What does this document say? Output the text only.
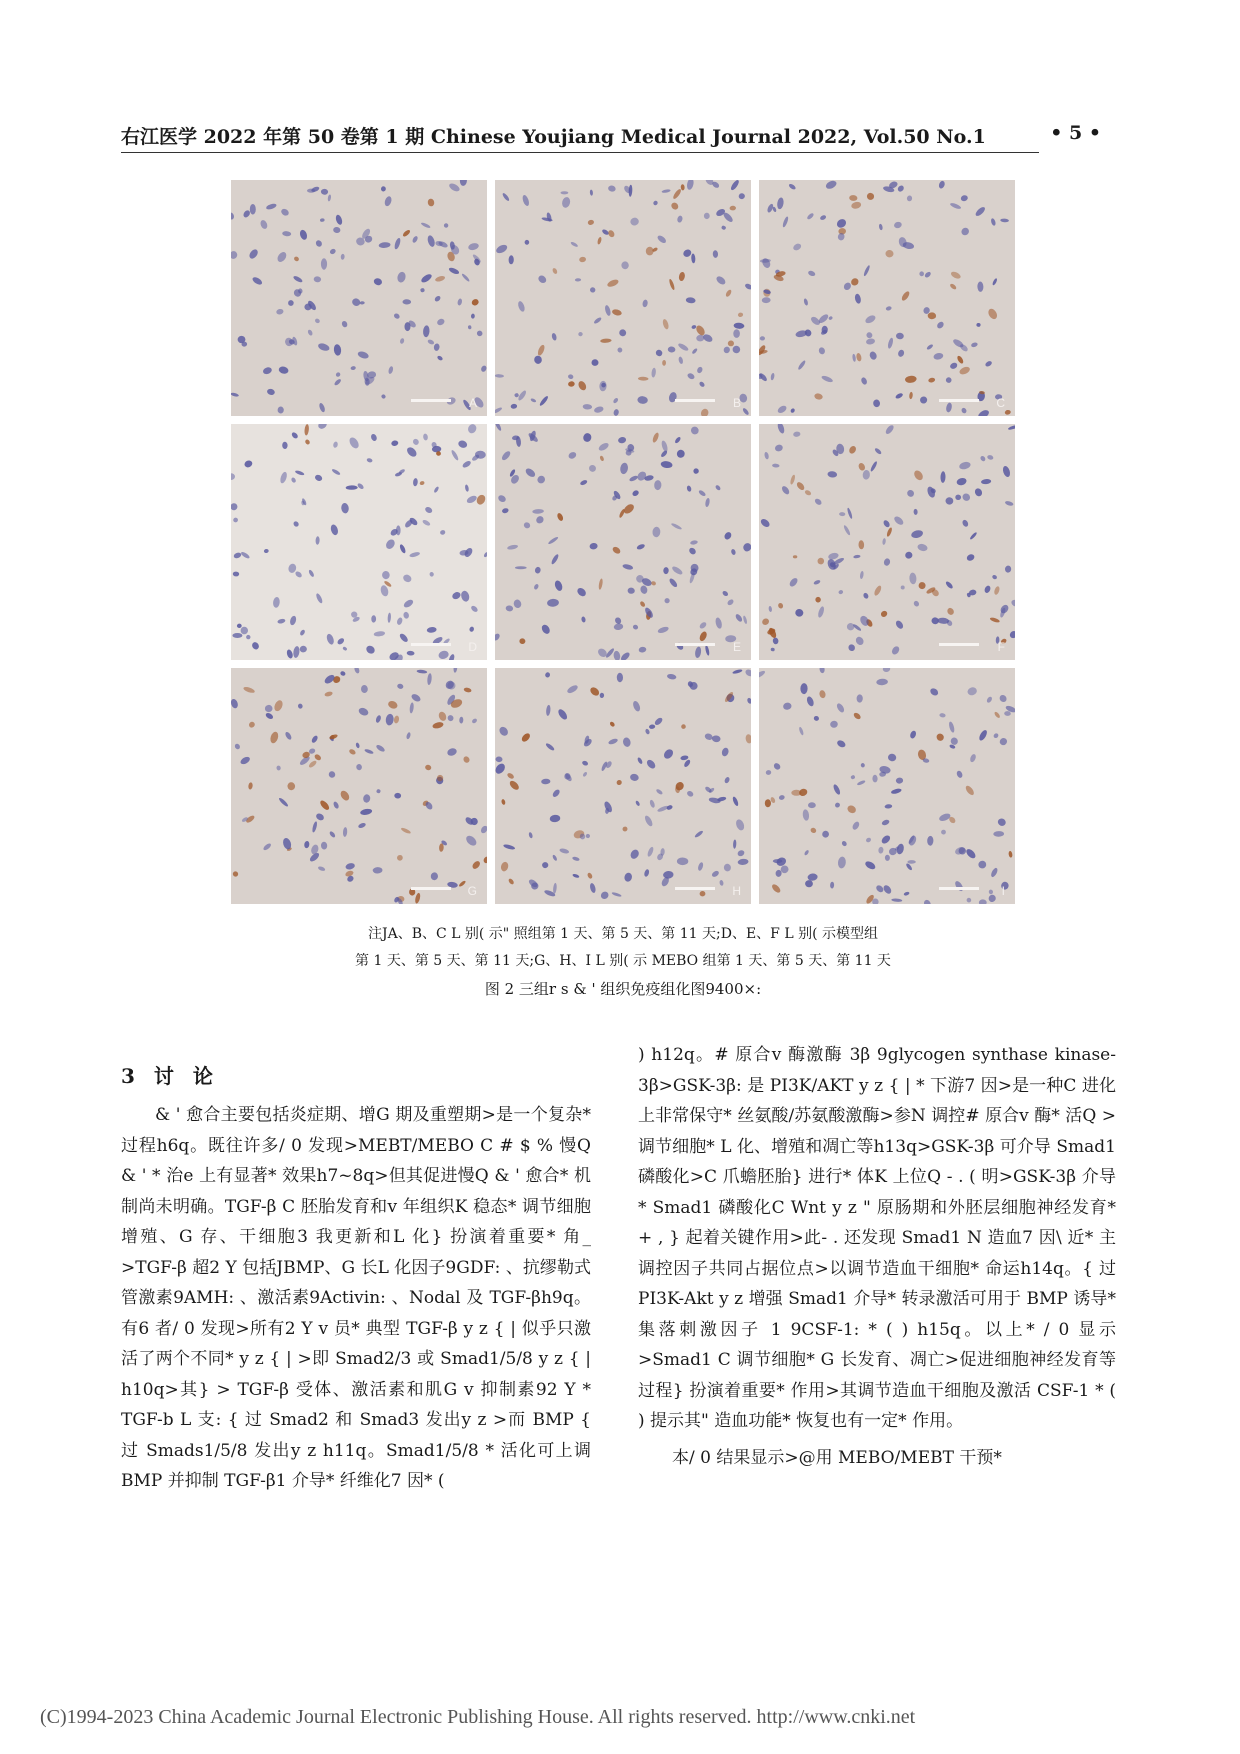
右江医学 2022 年第 50 卷第 1 期 Chinese Youjiang Medical Journal 2022, Vol.50 No.1	• 5 •
A	B	C
D	E	F
G	H	I
注JA、B、C L 别( 示" 照组第 1 天、第 5 天、第 11 天;D、E、F L 别( 示模型组
第 1 天、第 5 天、第 11 天;G、H、I L 别( 示 MEBO 组第 1 天、第 5 天、第 11 天
图 2 三组r s & ' 组织免疫组化图9400×:
3 讨 论

& ' 愈合主要包括炎症期、增G 期及重塑期>是一个复杂* 过程h6q。既往许多/ 0 发现>MEBT/MEBO C # $ % 慢Q & ' * 治e 上有显著* 效果h7~8q>但其促进慢Q & ' 愈合* 机制尚未明确。TGF-β C 胚胎发育和v 年组织K 稳态* 调节细胞增殖、G 存、干细胞3 我更新和L 化} 扮演着重要* 角_ >TGF-β 超2 Y 包括JBMP、G 长L 化因子9GDF: 、抗缪勒式管激素9AMH: 、激活素9Activin: 、Nodal 及 TGF-βh9q。有6 者/ 0 发现>所有2 Y v 员* 典型 TGF-β y z { | 似乎只激活了两个不同* y z { | >即 Smad2/3 或 Smad1/5/8 y z { | h10q>其} > TGF-β 受体、激活素和肌G v 抑制素92 Y * TGF-b L 支: { 过 Smad2 和 Smad3 发出y z >而 BMP { 过 Smads1/5/8 发出y z h11q。Smad1/5/8 * 活化可上调 BMP 并抑制 TGF-β1 介导* 纤维化7 因* (

) h12q。# 原合v 酶激酶 3β 9glycogen synthase kinase-3β>GSK-3β: 是 PI3K/AKT y z { | * 下游7 因>是一种C 进化上非常保守* 丝氨酸/苏氨酸激酶>参N 调控# 原合v 酶* 活Q >调节细胞* L 化、增殖和凋亡等h13q>GSK-3β 可介导 Smad1 磷酸化>C 爪蟾胚胎} 进行* 体K 上位Q - . ( 明>GSK-3β 介导* Smad1 磷酸化C Wnt y z " 原肠期和外胚层细胞神经发育* + , } 起着关键作用>此- . 还发现 Smad1 N 造血7 因\ 近* 主调控因子共同占据位点>以调节造血干细胞* 命运h14q。{ 过 PI3K-Akt y z 增强 Smad1 介导* 转录激活可用于 BMP 诱导* 集落刺激因子 1 9CSF-1: * ( ) h15q。以上* / 0 显示>Smad1 C 调节细胞* G 长发育、凋亡>促进细胞神经发育等过程} 扮演着重要* 作用>其调节造血干细胞及激活 CSF-1 * ( ) 提示其" 造血功能* 恢复也有一定* 作用。

本/ 0 结果显示>@用 MEBO/MEBT 干预*

(C)1994-2023 China Academic Journal Electronic Publishing House. All rights reserved. http://www.cnki.net
